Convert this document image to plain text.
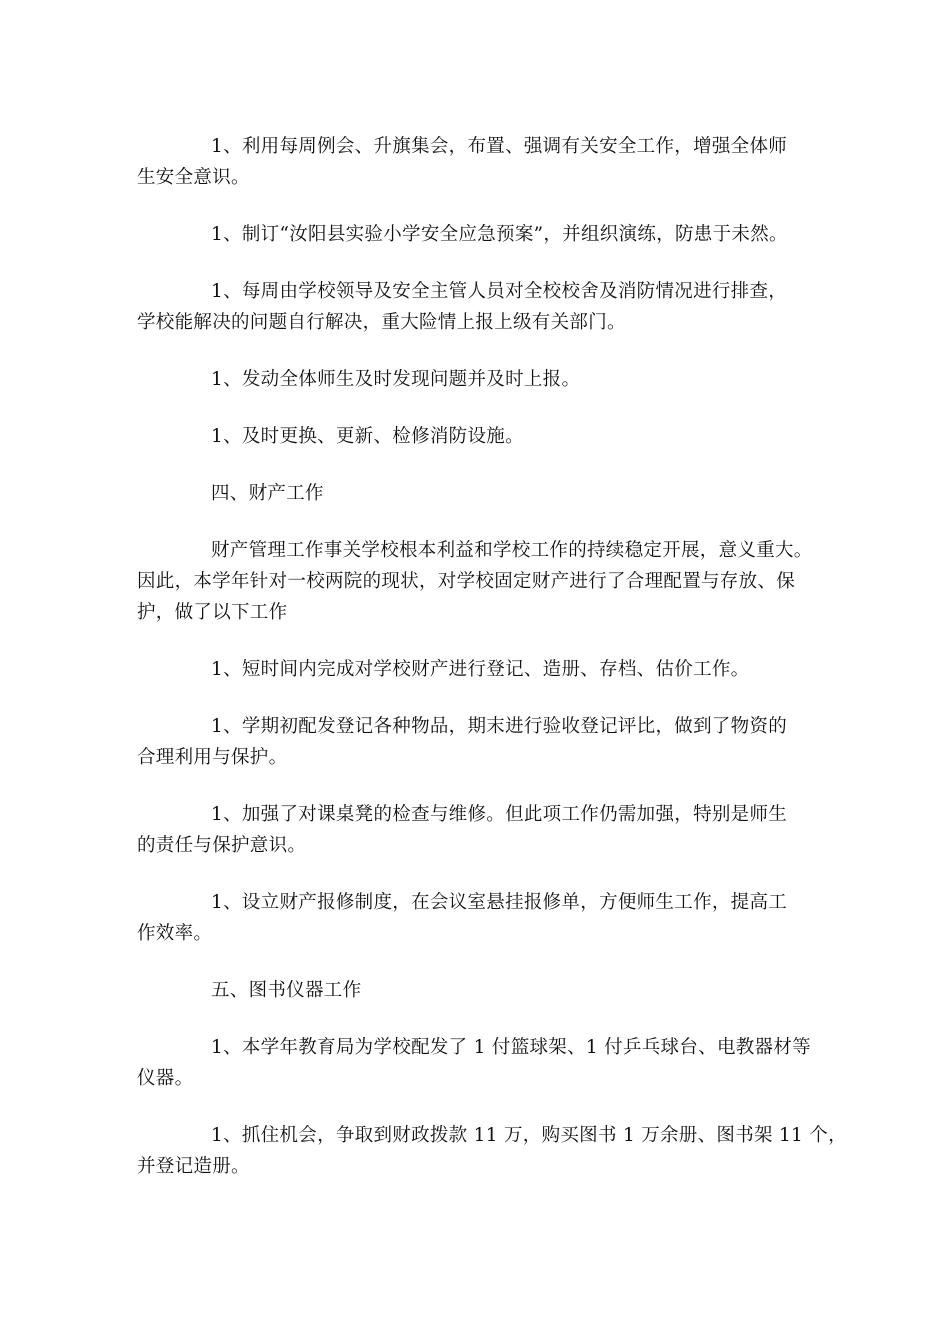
1、利用每周例会、升旗集会，布置、强调有关安全工作，增强全体师
生安全意识。

1、制订“汝阳县实验小学安全应急预案”，并组织演练，防患于未然。

1、每周由学校领导及安全主管人员对全校校舍及消防情况进行排查，
学校能解决的问题自行解决，重大险情上报上级有关部门。

1、发动全体师生及时发现问题并及时上报。

1、及时更换、更新、检修消防设施。

四、财产工作

财产管理工作事关学校根本利益和学校工作的持续稳定开展，意义重大。
因此，本学年针对一校两院的现状，对学校固定财产进行了合理配置与存放、保
护，做了以下工作

1、短时间内完成对学校财产进行登记、造册、存档、估价工作。

1、学期初配发登记各种物品，期末进行验收登记评比，做到了物资的
合理利用与保护。

1、加强了对课桌凳的检查与维修。但此项工作仍需加强，特别是师生
的责任与保护意识。

1、设立财产报修制度，在会议室悬挂报修单，方便师生工作，提高工
作效率。

五、图书仪器工作

1、本学年教育局为学校配发了 1 付篮球架、1 付乒乓球台、电教器材等
仪器。

1、抓住机会，争取到财政拨款 11 万，购买图书 1 万余册、图书架 11 个，
并登记造册。
